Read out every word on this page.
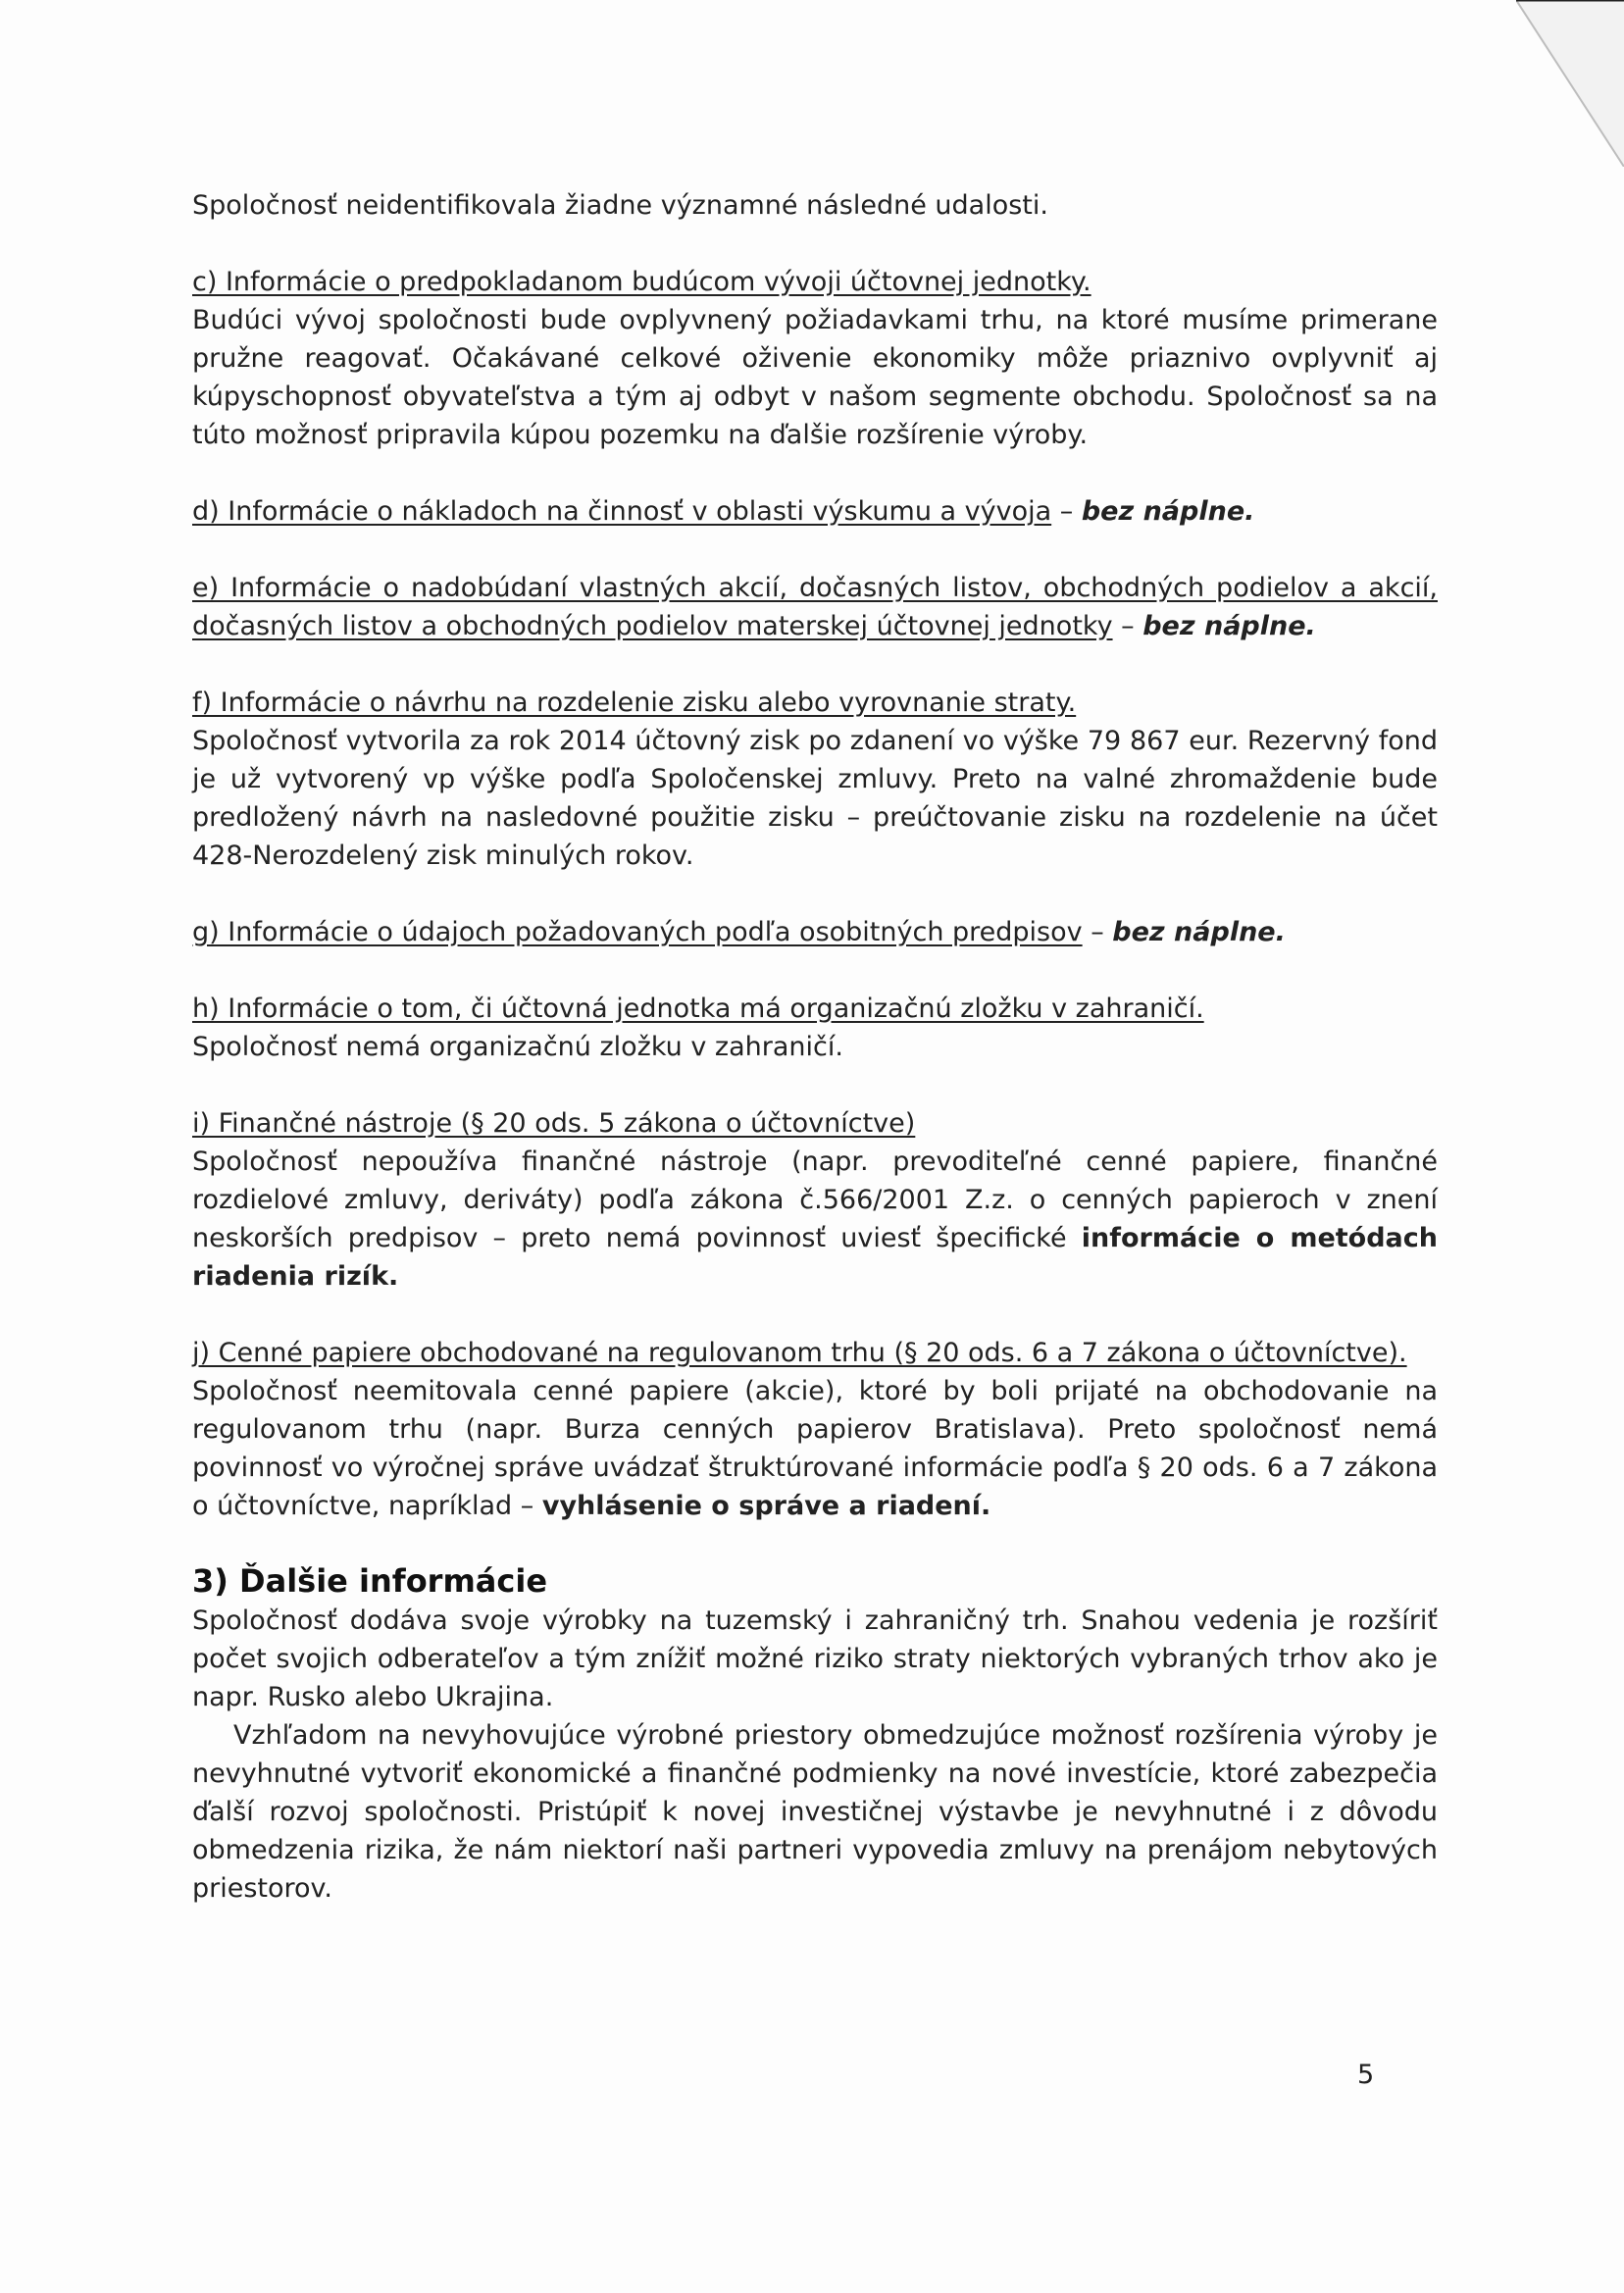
Spoločnosť neidentifikovala žiadne významné následné udalosti.

c) Informácie o predpokladanom budúcom vývoji účtovnej jednotky.

Budúci vývoj spoločnosti bude ovplyvnený požiadavkami trhu, na ktoré musíme primerane pružne reagovať. Očakávané celkové oživenie ekonomiky môže priaznivo ovplyvniť aj kúpyschopnosť obyvateľstva a tým aj odbyt v našom segmente obchodu. Spoločnosť sa na túto možnosť pripravila kúpou pozemku na ďalšie rozšírenie výroby.

d) Informácie o nákladoch na činnosť v oblasti výskumu a vývoja – bez náplne.

e) Informácie o nadobúdaní vlastných akcií, dočasných listov, obchodných podielov a akcií, dočasných listov a obchodných podielov materskej účtovnej jednotky – bez náplne.

f) Informácie o návrhu na rozdelenie zisku alebo vyrovnanie straty.

Spoločnosť vytvorila za rok 2014 účtovný zisk po zdanení vo výške 79 867 eur. Rezervný fond je už vytvorený vp výške podľa Spoločenskej zmluvy. Preto na valné zhromaždenie bude predložený návrh na nasledovné použitie zisku – preúčtovanie zisku na rozdelenie na účet 428-Nerozdelený zisk minulých rokov.

g) Informácie o údajoch požadovaných podľa osobitných predpisov – bez náplne.

h) Informácie o tom, či účtovná jednotka má organizačnú zložku v zahraničí.

Spoločnosť nemá organizačnú zložku v zahraničí.

i) Finančné nástroje (§ 20 ods. 5 zákona o účtovníctve)

Spoločnosť nepoužíva finančné nástroje (napr. prevoditeľné cenné papiere, finančné rozdielové zmluvy, deriváty) podľa zákona č.566/2001 Z.z. o cenných papieroch v znení neskorších predpisov – preto nemá povinnosť uviesť špecifické informácie o metódach riadenia rizík.

j) Cenné papiere obchodované na regulovanom trhu (§ 20 ods. 6 a 7 zákona o účtovníctve).

Spoločnosť neemitovala cenné papiere (akcie), ktoré by boli prijaté na obchodovanie na regulovanom trhu (napr. Burza cenných papierov Bratislava). Preto spoločnosť nemá povinnosť vo výročnej správe uvádzať štruktúrované informácie podľa § 20 ods. 6 a 7 zákona o účtovníctve, napríklad – vyhlásenie o správe a riadení.

3) Ďalšie informácie

Spoločnosť dodáva svoje výrobky na tuzemský i zahraničný trh. Snahou vedenia je rozšíriť počet svojich odberateľov a tým znížiť možné riziko straty niektorých vybraných trhov ako je napr. Rusko alebo Ukrajina.

Vzhľadom na nevyhovujúce výrobné priestory obmedzujúce možnosť rozšírenia výroby je nevyhnutné vytvoriť ekonomické a finančné podmienky na nové investície, ktoré zabezpečia ďalší rozvoj spoločnosti. Pristúpiť k novej investičnej výstavbe je nevyhnutné i z dôvodu obmedzenia rizika, že nám niektorí naši partneri vypovedia zmluvy na prenájom nebytových priestorov.

5
